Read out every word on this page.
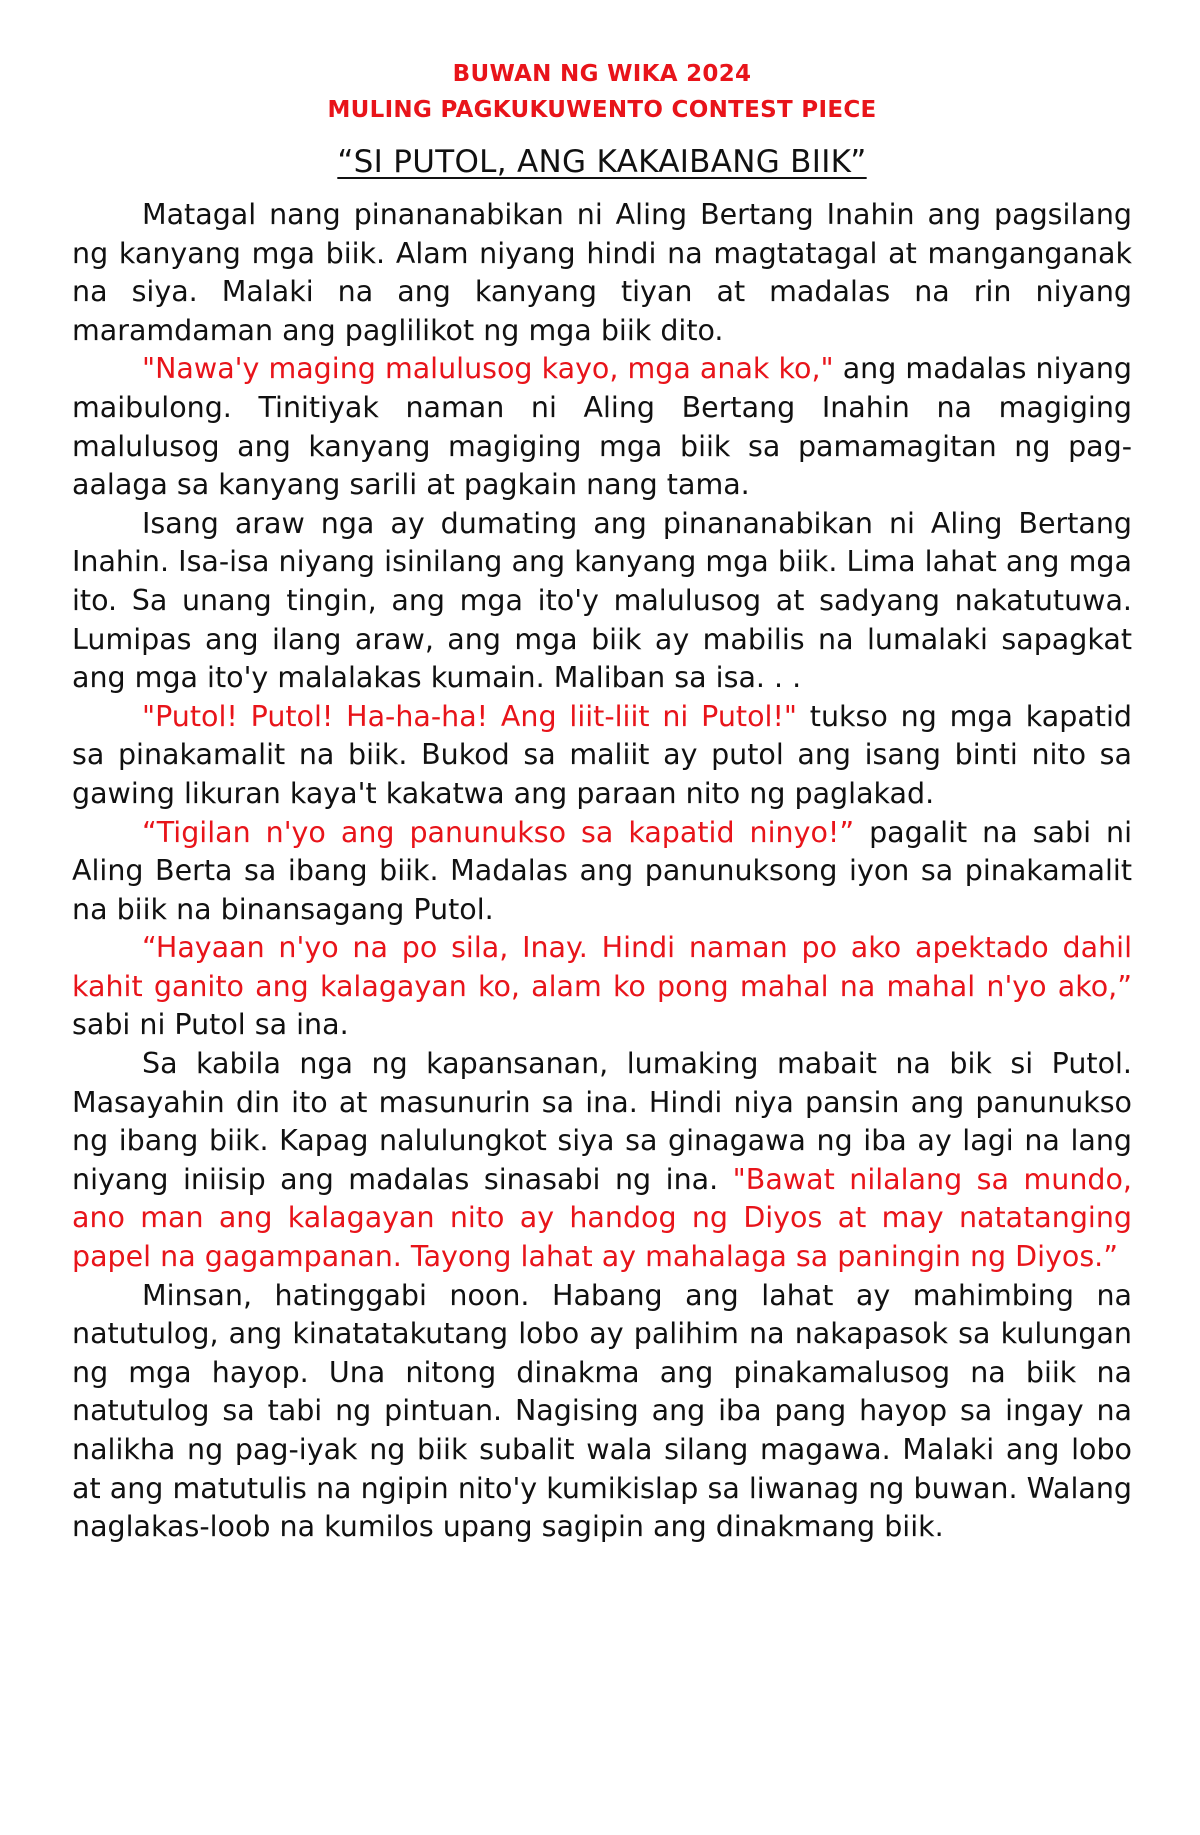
BUWAN NG WIKA 2024
MULING PAGKUKUWENTO CONTEST PIECE
“SI PUTOL, ANG KAKAIBANG BIIK”

Matagal nang pinananabikan ni Aling Bertang Inahin ang pagsilang ng kanyang mga biik. Alam niyang hindi na magtatagal at manganganak na siya. Malaki na ang kanyang tiyan at madalas na rin niyang maramdaman ang paglilikot ng mga biik dito.

"Nawa'y maging malulusog kayo, mga anak ko," ang madalas niyang maibulong. Tinitiyak naman ni Aling Bertang Inahin na magiging malulusog ang kanyang magiging mga biik sa pamamagitan ng pag-aalaga sa kanyang sarili at pagkain nang tama.

Isang araw nga ay dumating ang pinananabikan ni Aling Bertang Inahin. Isa-isa niyang isinilang ang kanyang mga biik. Lima lahat ang mga ito. Sa unang tingin, ang mga ito'y malulusog at sadyang nakatutuwa. Lumipas ang ilang araw, ang mga biik ay mabilis na lumalaki sapagkat ang mga ito'y malalakas kumain. Maliban sa isa. . .

"Putol! Putol! Ha-ha-ha! Ang liit-liit ni Putol!" tukso ng mga kapatid sa pinakamalit na biik. Bukod sa maliit ay putol ang isang binti nito sa gawing likuran kaya't kakatwa ang paraan nito ng paglakad.

“Tigilan n'yo ang panunukso sa kapatid ninyo!” pagalit na sabi ni Aling Berta sa ibang biik. Madalas ang panunuksong iyon sa pinakamalit na biik na binansagang Putol.

“Hayaan n'yo na po sila, Inay. Hindi naman po ako apektado dahil kahit ganito ang kalagayan ko, alam ko pong mahal na mahal n'yo ako,” sabi ni Putol sa ina.

Sa kabila nga ng kapansanan, lumaking mabait na bik si Putol. Masayahin din ito at masunurin sa ina. Hindi niya pansin ang panunukso ng ibang biik. Kapag nalulungkot siya sa ginagawa ng iba ay lagi na lang niyang iniisip ang madalas sinasabi ng ina. "Bawat nilalang sa mundo, ano man ang kalagayan nito ay handog ng Diyos at may natatanging papel na gagampanan. Tayong lahat ay mahalaga sa paningin ng Diyos.”

Minsan, hatinggabi noon. Habang ang lahat ay mahimbing na natutulog, ang kinatatakutang lobo ay palihim na nakapasok sa kulungan ng mga hayop. Una nitong dinakma ang pinakamalusog na biik na natutulog sa tabi ng pintuan. Nagising ang iba pang hayop sa ingay na nalikha ng pag-iyak ng biik subalit wala silang magawa. Malaki ang lobo at ang matutulis na ngipin nito'y kumikislap sa liwanag ng buwan. Walang naglakas-loob na kumilos upang sagipin ang dinakmang biik.
